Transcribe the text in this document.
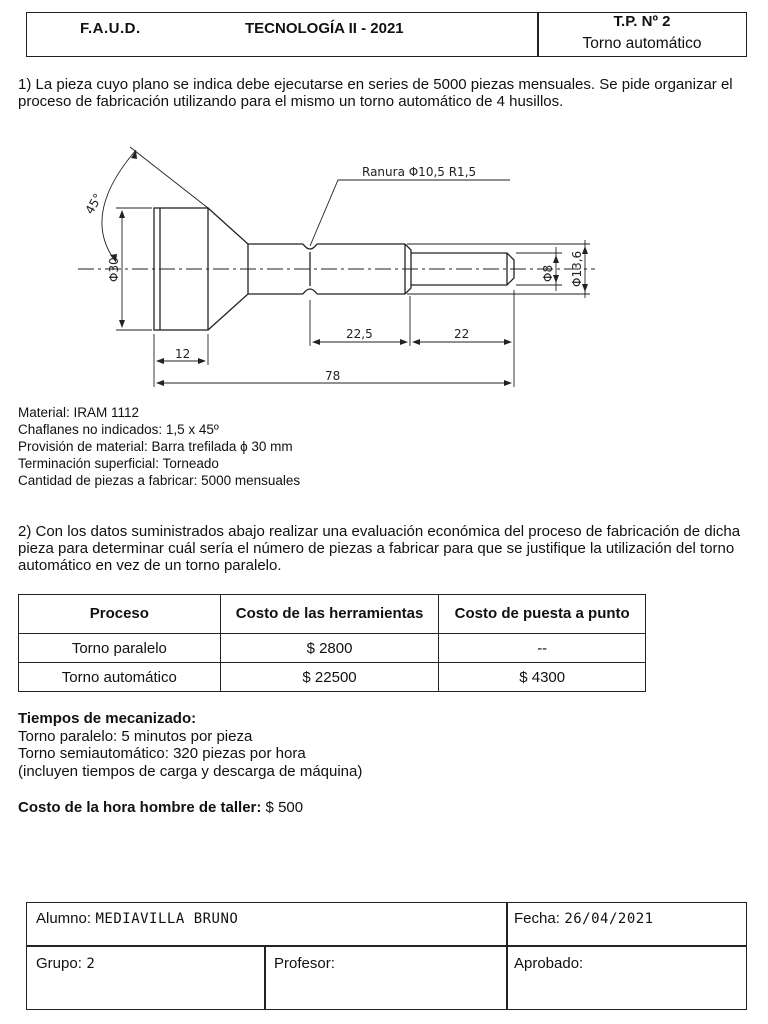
F.A.U.D.	TECNOLOGÍA II - 2021	T.P. Nº 2
Torno automático
1) La pieza cuyo plano se indica debe ejecutarse en series de 5000 piezas mensuales. Se pide organizar el proceso de fabricación utilizando para el mismo un torno automático de 4 husillos.
45°
Ranura Φ10,5 R1,5
Φ30	Φ8 Φ13,6
12
22,5	22
78
Material: IRAM 1112
Chaflanes no indicados: 1,5 x 45º
Provisión de material: Barra trefilada ϕ 30 mm
Terminación superficial: Torneado
Cantidad de piezas a fabricar: 5000 mensuales
2) Con los datos suministrados abajo realizar una evaluación económica del proceso de fabricación de dicha pieza para determinar cuál sería el número de piezas a fabricar para que se justifique la utilización del torno automático en vez de un torno paralelo.
Proceso	Costo de las herramientas	Costo de puesta a punto
Torno paralelo	$ 2800	--
Torno automático	$ 22500	$ 4300
Tiempos de mecanizado:
Torno paralelo: 5 minutos por pieza
Torno semiautomático: 320 piezas por hora
(incluyen tiempos de carga y descarga de máquina)
Costo de la hora hombre de taller: $ 500
Alumno: MEDIAVILLA BRUNO	Fecha: 26/04/2021
Grupo: 2	Profesor:	Aprobado:
